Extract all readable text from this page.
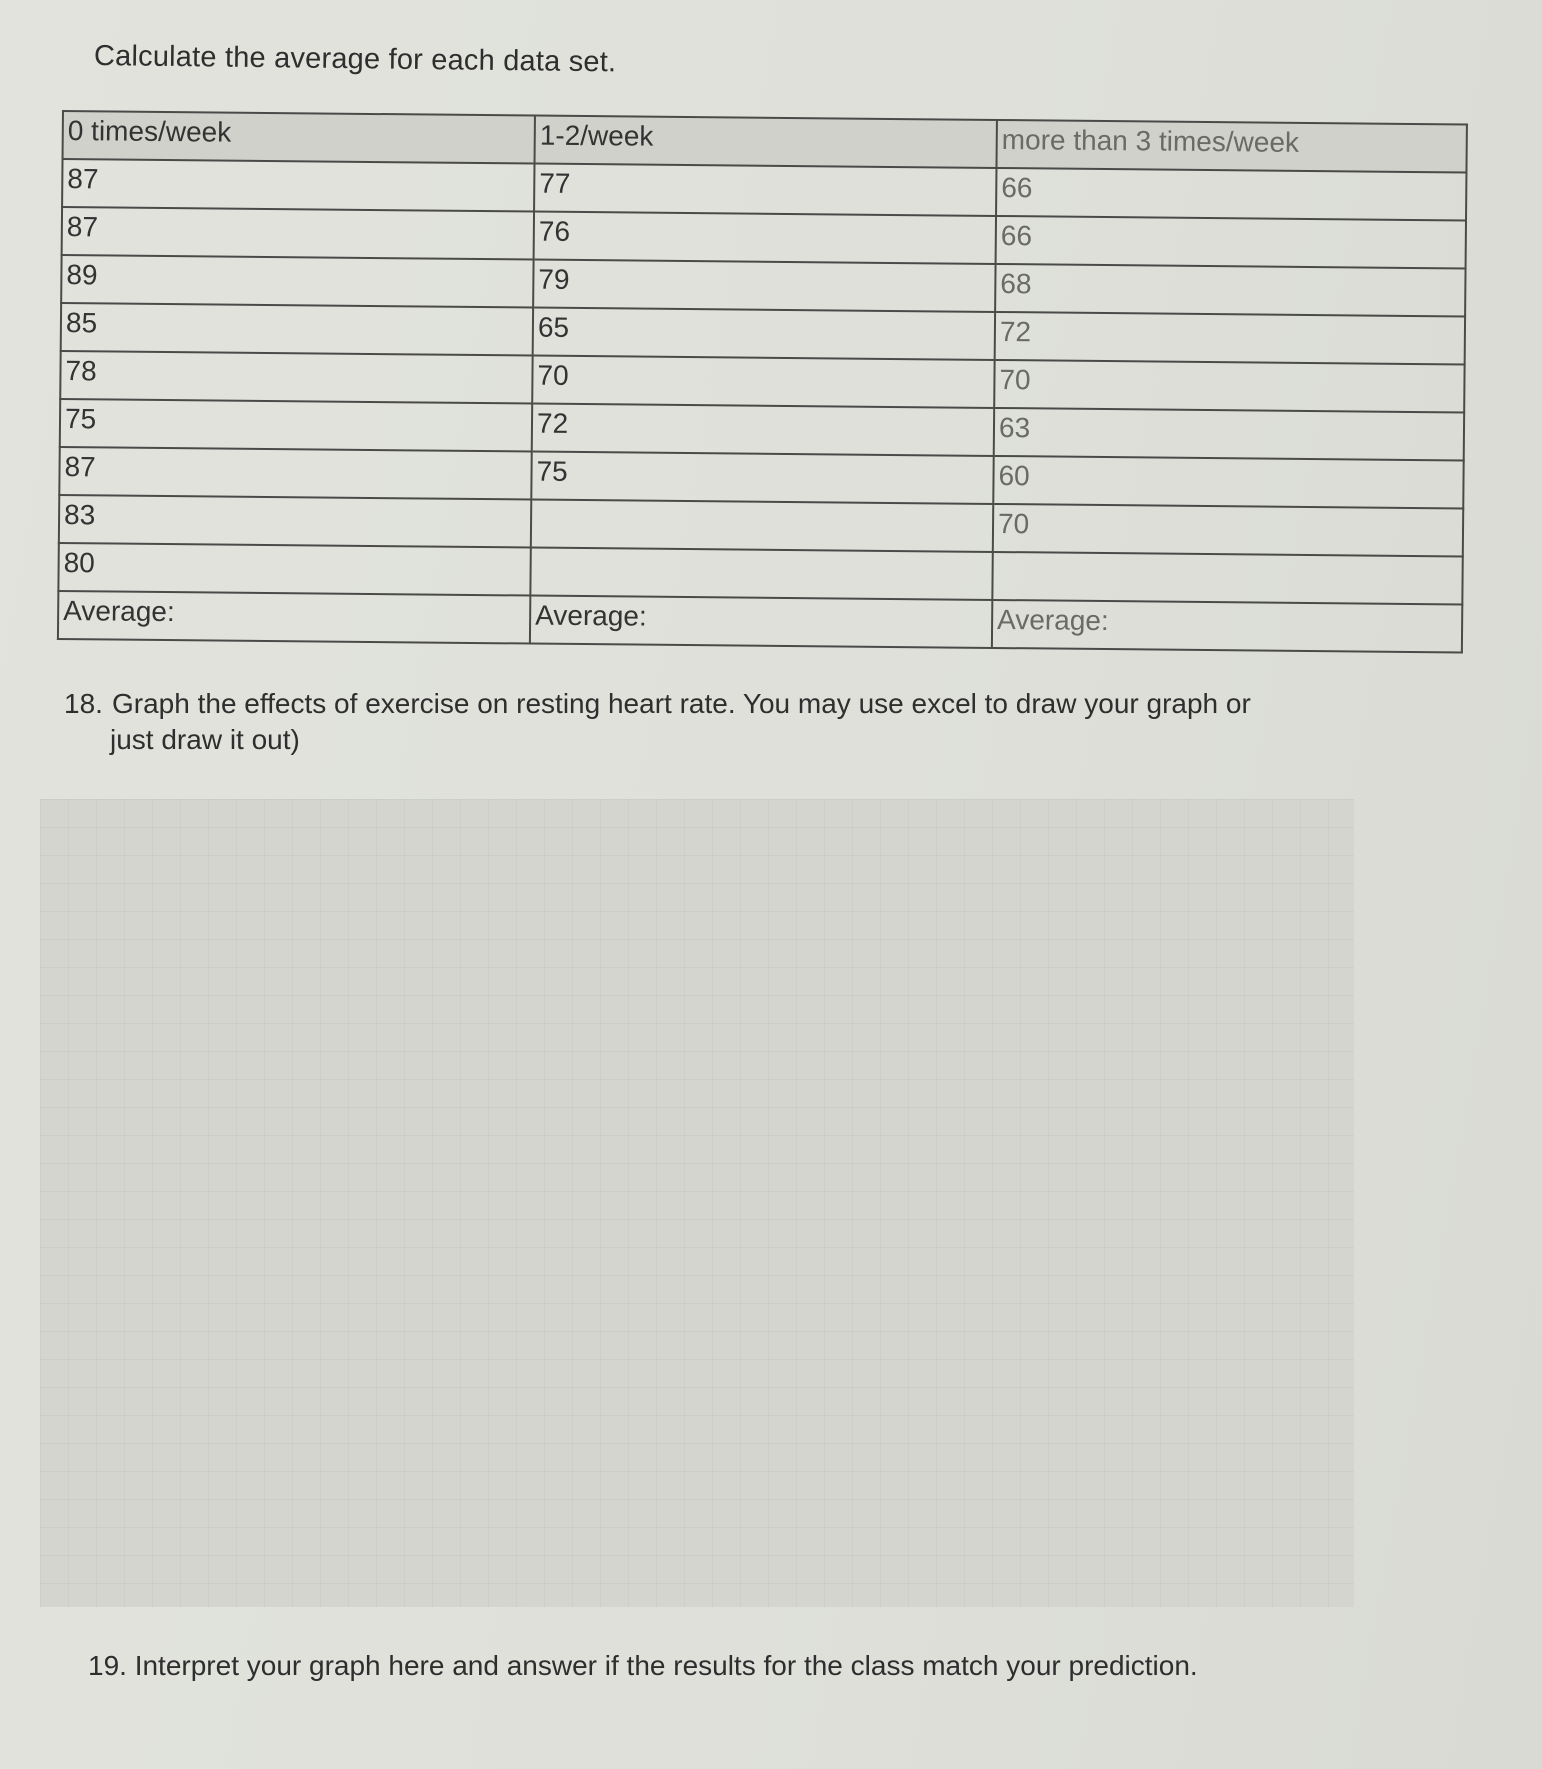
Calculate the average for each data set.
0 times/week	1-2/week	more than 3 times/week
87	77	66
87	76	66
89	79	68
85	65	72
78	70	70
75	72	63
87	75	60
83		70
80		
Average:	Average:	Average:
18. Graph the effects of exercise on resting heart rate. You may use excel to draw your graph or
just draw it out)
19. Interpret your graph here and answer if the results for the class match your prediction.
